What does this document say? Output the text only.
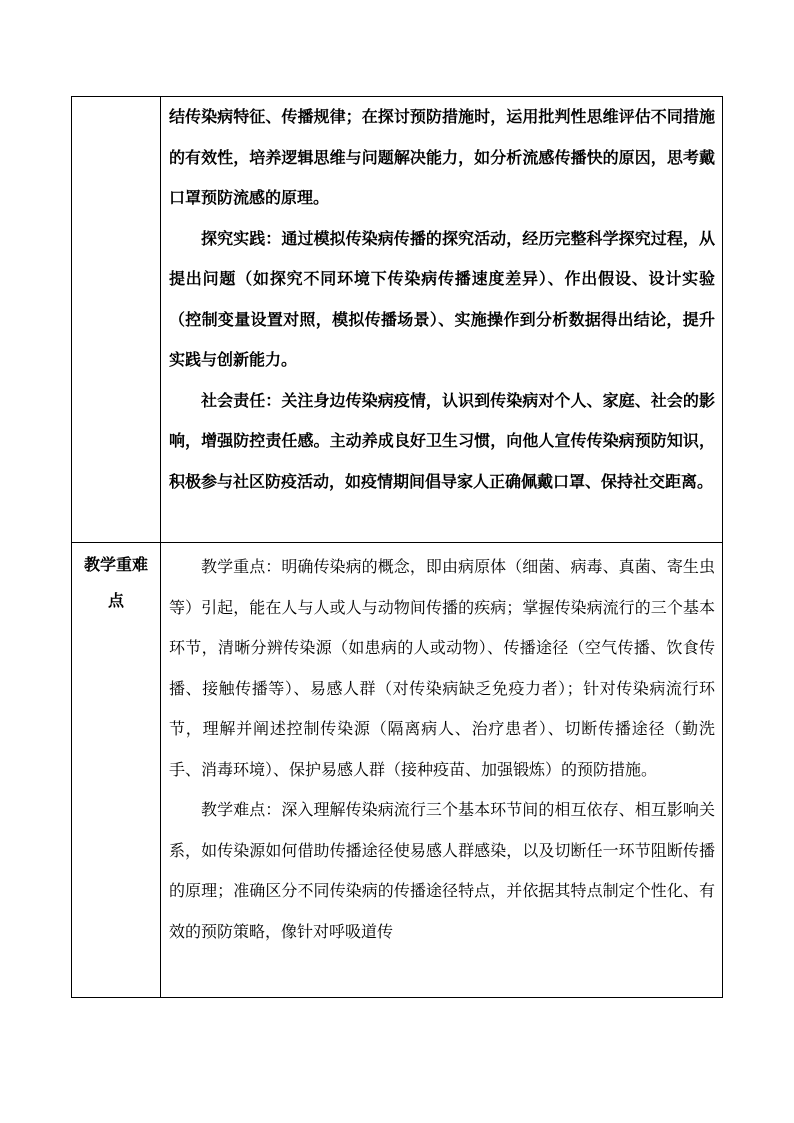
	结传染病特征、传播规律；在探讨预防措施时，运用批判性思维评估不同措施的有效性，培养逻辑思维与问题解决能力，如分析流感传播快的原因，思考戴口罩预防流感的原理。

探究实践：通过模拟传染病传播的探究活动，经历完整科学探究过程，从提出问题（如探究不同环境下传染病传播速度差异）、作出假设、设计实验（控制变量设置对照，模拟传播场景）、实施操作到分析数据得出结论，提升实践与创新能力。

社会责任：关注身边传染病疫情，认识到传染病对个人、家庭、社会的影响，增强防控责任感。主动养成良好卫生习惯，向他人宣传传染病预防知识，积极参与社区防疫活动，如疫情期间倡导家人正确佩戴口罩、保持社交距离。

教学重难点	教学重点：明确传染病的概念，即由病原体（细菌、病毒、真菌、寄生虫等）引起，能在人与人或人与动物间传播的疾病；掌握传染病流行的三个基本环节，清晰分辨传染源（如患病的人或动物）、传播途径（空气传播、饮食传播、接触传播等）、易感人群（对传染病缺乏免疫力者）；针对传染病流行环节，理解并阐述控制传染源（隔离病人、治疗患者）、切断传播途径（勤洗手、消毒环境）、保护易感人群（接种疫苗、加强锻炼）的预防措施。

教学难点：深入理解传染病流行三个基本环节间的相互依存、相互影响关系，如传染源如何借助传播途径使易感人群感染，以及切断任一环节阻断传播的原理；准确区分不同传染病的传播途径特点，并依据其特点制定个性化、有效的预防策略，像针对呼吸道传
